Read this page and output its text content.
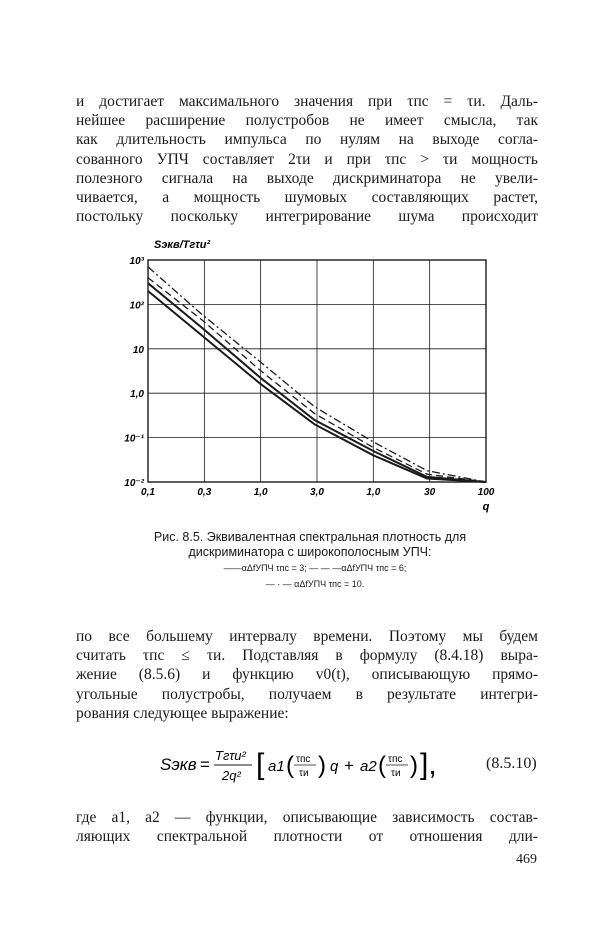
и достигает максимального значения при τпс = τи. Даль-
нейшее расширение полустробов не имеет смысла, так
как длительность импульса по нулям на выходе согла-
сованного УПЧ составляет 2τи и при τпс > τи мощность
полезного сигнала на выходе дискриминатора не увели-
чивается, а мощность шумовых составляющих растет,
постольку поскольку интегрирование шума происходит

0,1	0,3	1,0	3,0	1,0	30	100
10³
10²
10
1,0
10⁻¹
10⁻²
Sэкв/Tгτи²
q
Рис. 8.5. Эквивалентная спектральная плотность для
дискриминатора с широкополосным УПЧ:
——αΔfУПЧ τпс = 3; — — —αΔfУПЧ τпс = 6;
— · — αΔfУПЧ τпс = 10.

по все большему интервалу времени. Поэтому мы будем
считать τпс ≤ τи. Подставляя в формулу (8.4.18) выра-
жение (8.5.6) и функцию v0(t), описывающую прямо-
угольные полустробы, получаем в результате интегри-
рования следующее выражение:

Sэкв = Тгτи²
2q² [ a1 ( τпс
τи ) q + a2 ( τпс
τи ) ],	(8.5.10)

где a1, a2 — функции, описывающие зависимость состав-
ляющих спектральной плотности от отношения дли-

469
